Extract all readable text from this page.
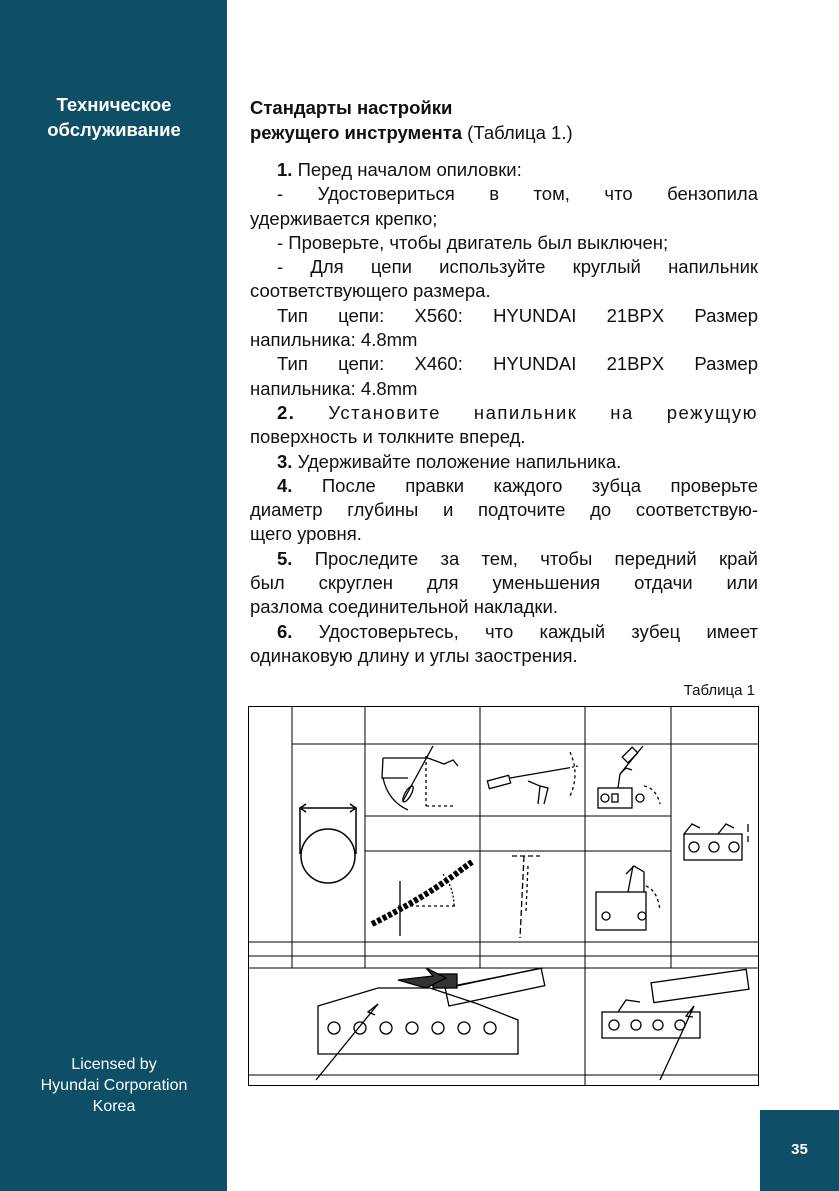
Техническое
обслуживание
Licensed by
Hyundai Corporation
Korea
Стандарты настройки
режущего инструмента (Таблица 1.)

1. Перед началом опиловки:

- Удостовериться в том, что бензопила

удерживается крепко;

- Проверьте, чтобы двигатель был выключен;

- Для цепи используйте круглый напильник

соответствующего размера.

Тип цепи: X560: HYUNDAI 21BPX Размер

напильника: 4.8mm

Тип цепи: X460: HYUNDAI 21BPX Размер

напильника: 4.8mm

2. Установите напильник на режущую

поверхность и толкните вперед.

3. Удерживайте положение напильника.

4. После правки каждого зубца проверьте

диаметр глубины и подточите до соответствую-

щего уровня.

5. Проследите за тем, чтобы передний край

был скруглен для уменьшения отдачи или

разлома соединительной накладки.

6. Удостоверьтесь, что каждый зубец имеет

одинаковую длину и углы заострения.

Таблица 1
35
